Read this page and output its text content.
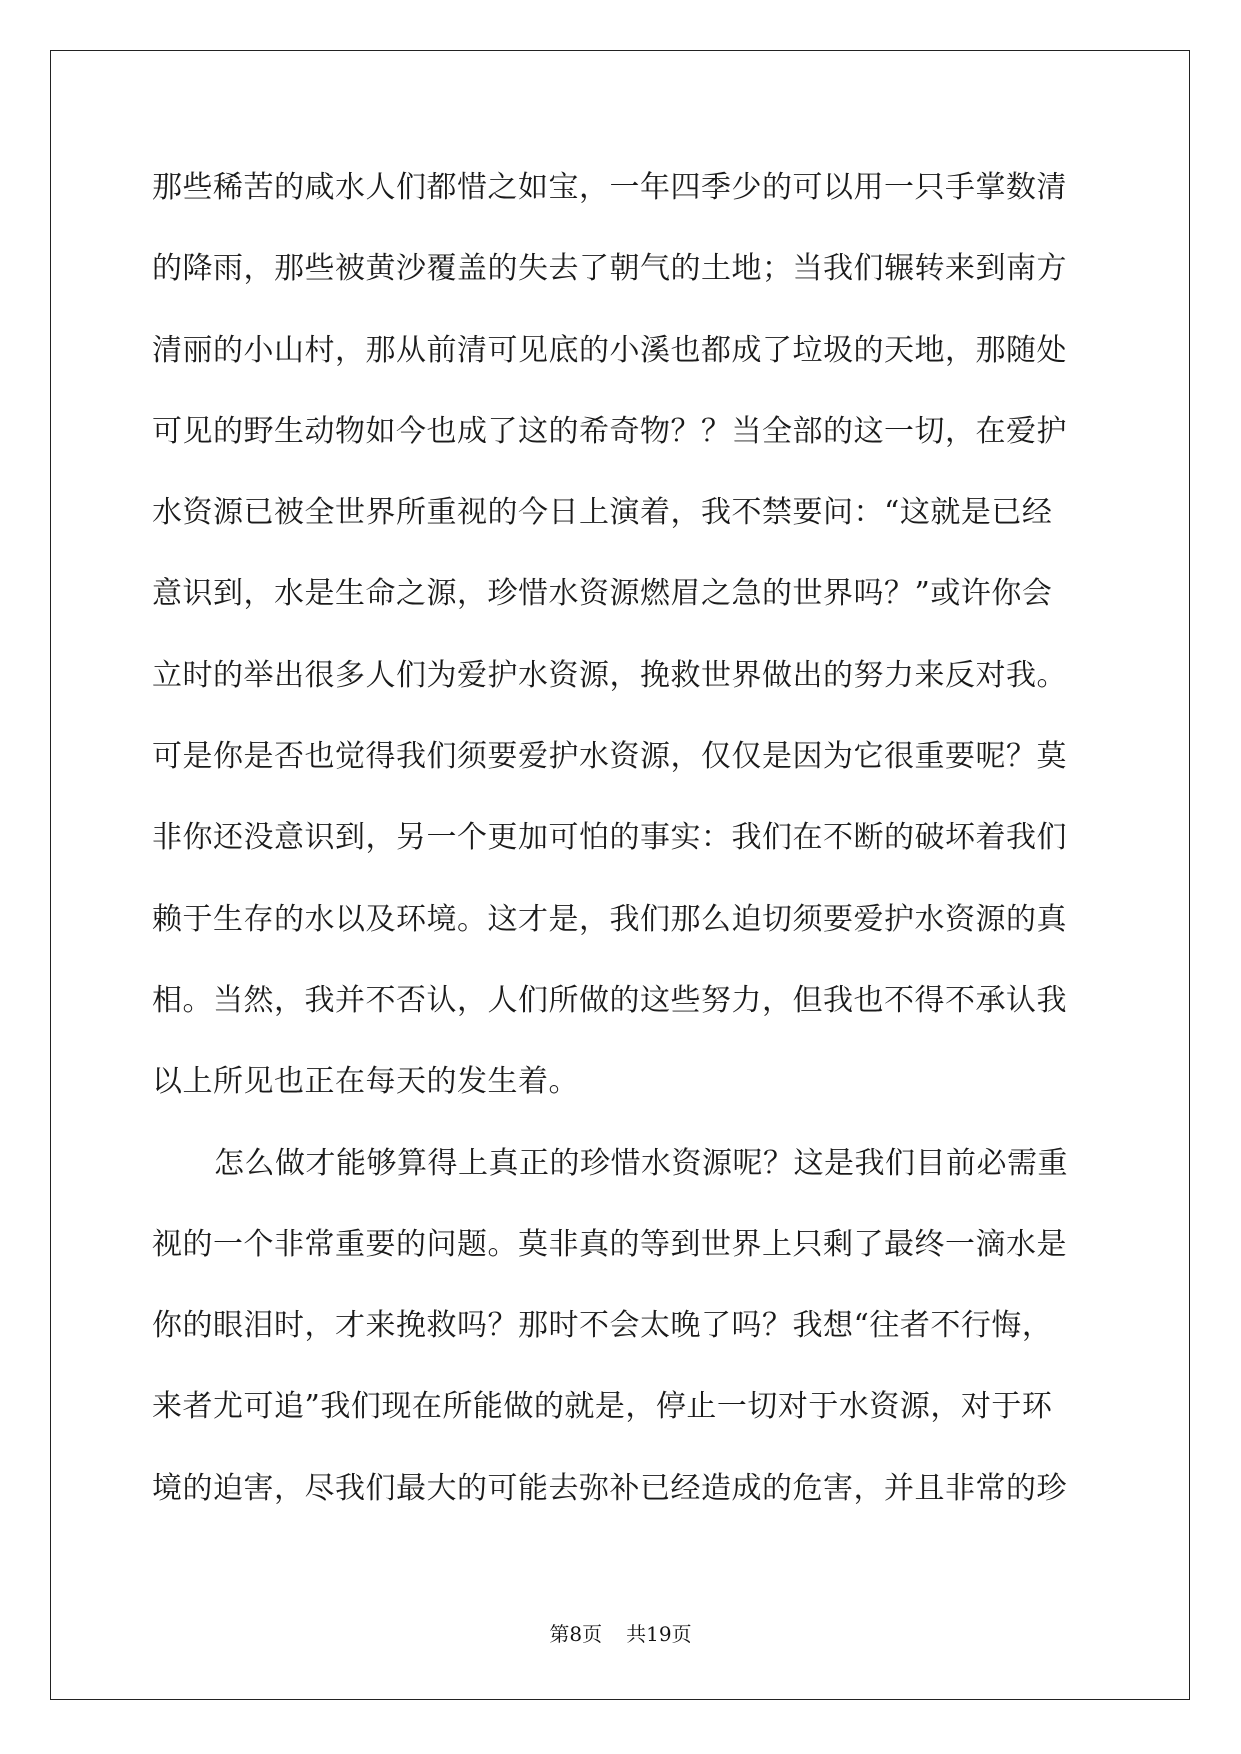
那些稀苦的咸水人们都惜之如宝，一年四季少的可以用一只手掌数清
的降雨，那些被黄沙覆盖的失去了朝气的土地；当我们辗转来到南方
清丽的小山村，那从前清可见底的小溪也都成了垃圾的天地，那随处
可见的野生动物如今也成了这的希奇物？？当全部的这一切，在爱护
水资源已被全世界所重视的今日上演着，我不禁要问：“这就是已经
意识到，水是生命之源，珍惜水资源燃眉之急的世界吗？”或许你会
立时的举出很多人们为爱护水资源，挽救世界做出的努力来反对我。
可是你是否也觉得我们须要爱护水资源，仅仅是因为它很重要呢？莫
非你还没意识到，另一个更加可怕的事实：我们在不断的破坏着我们
赖于生存的水以及环境。这才是，我们那么迫切须要爱护水资源的真
相。当然，我并不否认，人们所做的这些努力，但我也不得不承认我
以上所见也正在每天的发生着。
怎么做才能够算得上真正的珍惜水资源呢？这是我们目前必需重
视的一个非常重要的问题。莫非真的等到世界上只剩了最终一滴水是
你的眼泪时，才来挽救吗？那时不会太晚了吗？我想“往者不行悔，
来者尤可追”我们现在所能做的就是，停止一切对于水资源，对于环
境的迫害，尽我们最大的可能去弥补已经造成的危害，并且非常的珍
第8页 共19页
